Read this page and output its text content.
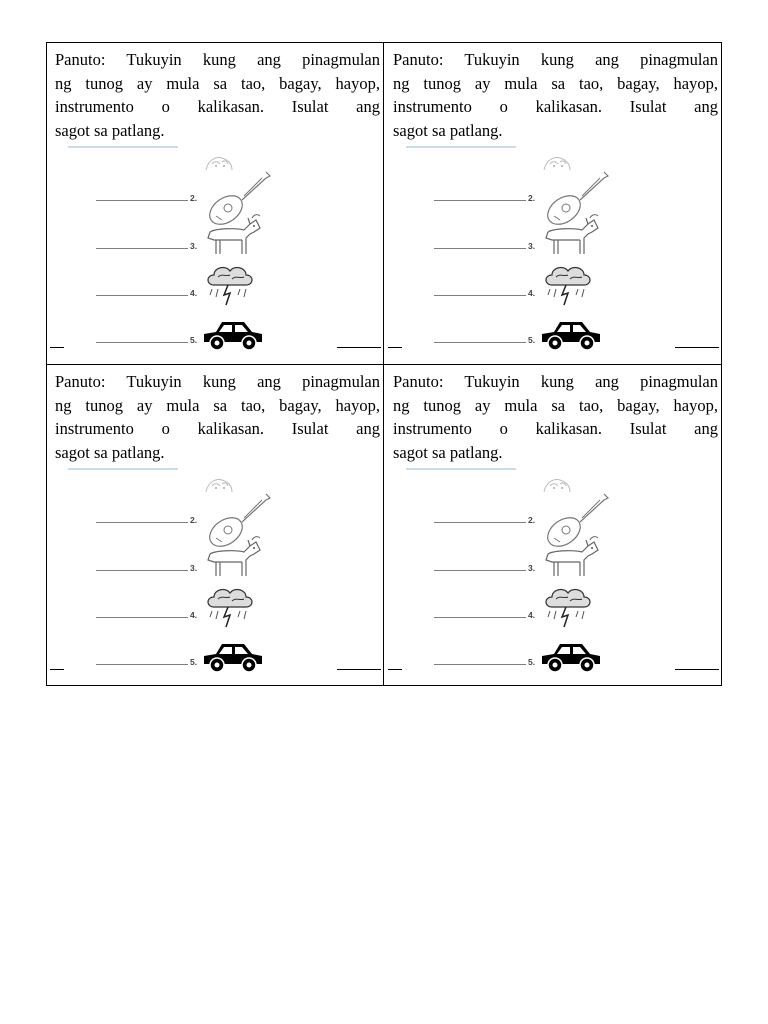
Panuto: Tukuyin kung ang pinagmulan

ng tunog ay mula sa tao, bagay, hayop,

instrumento o kalikasan. Isulat ang

sagot sa patlang.

2.
3.
4.
5.

Panuto: Tukuyin kung ang pinagmulan

ng tunog ay mula sa tao, bagay, hayop,

instrumento o kalikasan. Isulat ang

sagot sa patlang.

2.
3.
4.
5.

Panuto: Tukuyin kung ang pinagmulan

ng tunog ay mula sa tao, bagay, hayop,

instrumento o kalikasan. Isulat ang

sagot sa patlang.

2.
3.
4.
5.

Panuto: Tukuyin kung ang pinagmulan

ng tunog ay mula sa tao, bagay, hayop,

instrumento o kalikasan. Isulat ang

sagot sa patlang.

2.
3.
4.
5.
